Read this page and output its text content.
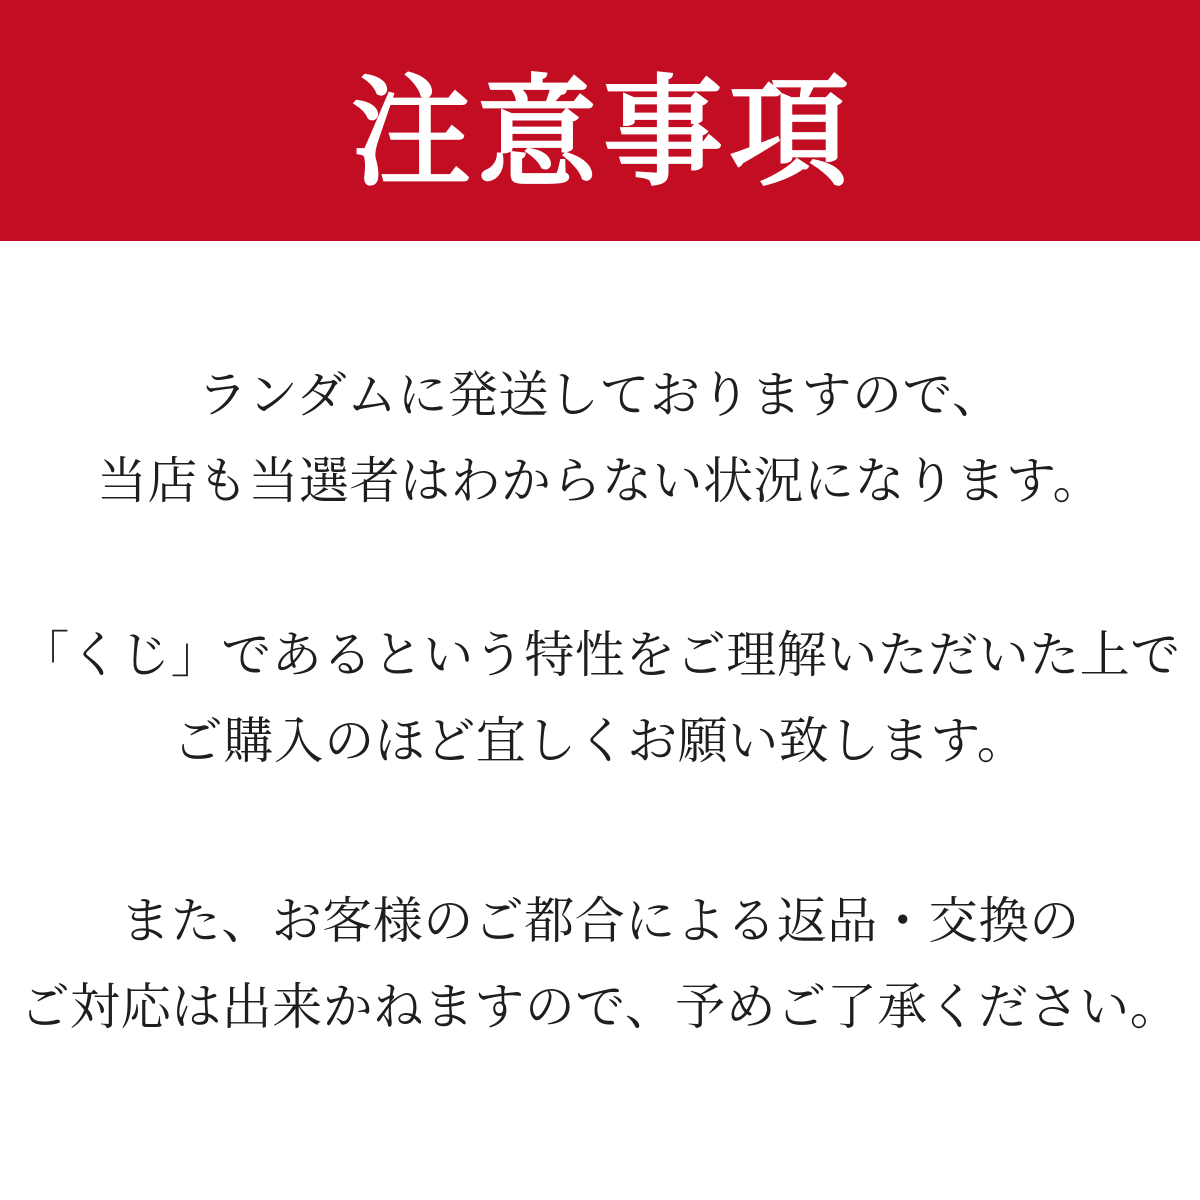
注意事項
ランダムに発送しておりますので、
当店も当選者はわからない状況になります。
「くじ」であるという特性をご理解いただいた上で
ご購入のほど宜しくお願い致します。
また、お客様のご都合による返品・交換の
ご対応は出来かねますので、予めご了承ください。
